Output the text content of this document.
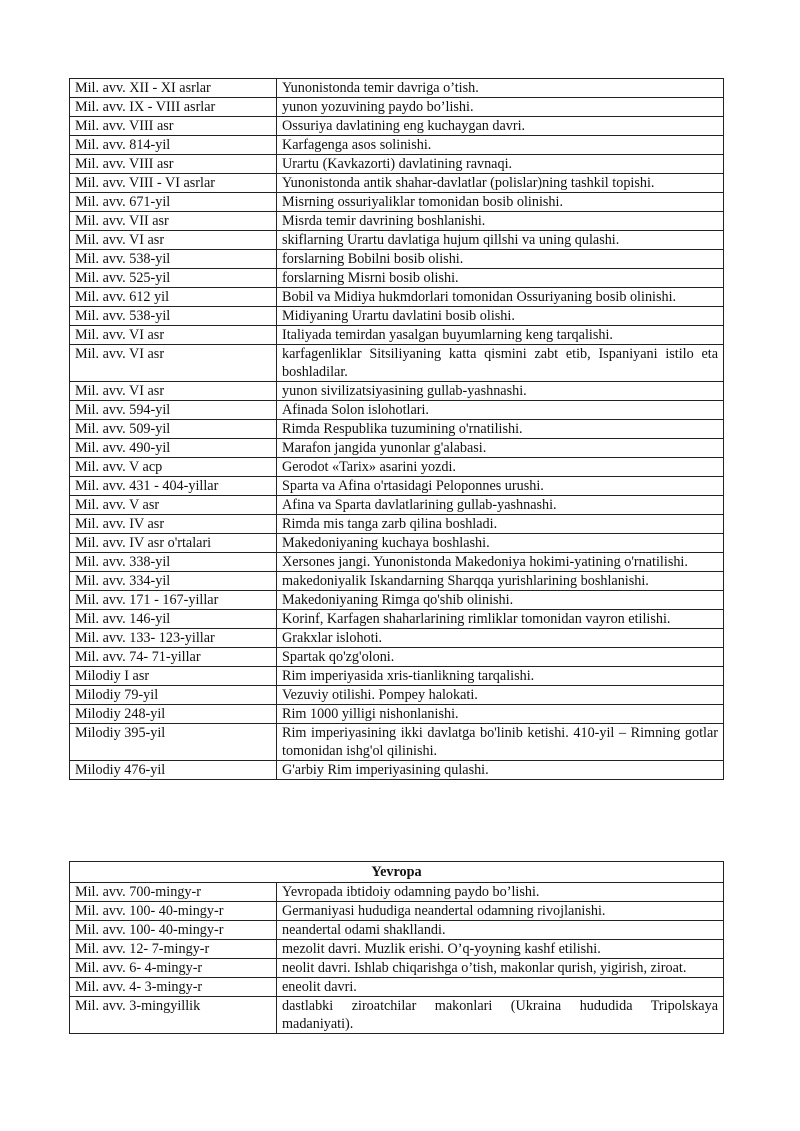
Mil. avv. XII - XI asrlar	Yunonistonda temir davriga o’tish.
Mil. avv. IX - VIII asrlar	yunon yozuvining paydo bo’lishi.
Mil. avv. VIII asr	Ossuriya davlatining eng kuchaygan davri.
Mil. avv. 814-yil	Karfagenga asos solinishi.
Mil. avv. VIII asr	Urartu (Kavkazorti) davlatining ravnaqi.
Mil. avv. VIII - VI asrlar	Yunonistonda antik shahar-davlatlar (polislar)ning tashkil topishi.
Mil. avv. 671-yil	Misrning ossuriyaliklar tomonidan bosib olinishi.
Mil. avv. VII asr	Misrda temir davrining boshlanishi.
Mil. avv. VI asr	skiflarning Urartu davlatiga hujum qillshi va uning qulashi.
Mil. avv. 538-yil	forslarning Bobilni bosib olishi.
Mil. avv. 525-yil	forslarning Misrni bosib olishi.
Mil. avv. 612 yil	Bobil va Midiya hukmdorlari tomonidan Ossuriyaning bosib olinishi.
Mil. avv. 538-yil	Midiyaning Urartu davlatini bosib olishi.
Mil. avv. VI asr	Italiyada temirdan yasalgan buyumlarning keng tarqalishi.
Mil. avv. VI asr	karfagenliklar Sitsiliyaning katta qismini zabt etib, Ispaniyani istilo eta boshladilar.
Mil. avv. VI asr	yunon sivilizatsiyasining gullab-yashnashi.
Mil. avv. 594-yil	Afinada Solon islohotlari.
Mil. avv. 509-yil	Rimda Respublika tuzumining o'rnatilishi.
Mil. avv. 490-yil	Marafon jangida yunonlar g'alabasi.
Mil. avv. V acp	Gerodot «Tarix» asarini yozdi.
Mil. avv. 431 - 404-yillar	Sparta va Afina o'rtasidagi Peloponnes urushi.
Mil. avv. V asr	Afina va Sparta davlatlarining gullab-yashnashi.
Mil. avv. IV asr	Rimda mis tanga zarb qilina boshladi.
Mil. avv. IV asr o'rtalari	Makedoniyaning kuchaya boshlashi.
Mil. avv. 338-yil	Xersones jangi. Yunonistonda Makedoniya hokimi-yatining o'rnatilishi.
Mil. avv. 334-yil	makedoniyalik Iskandarning Sharqqa yurishlarining boshlanishi.
Mil. avv. 171 - 167-yillar	Makedoniyaning Rimga qo'shib olinishi.
Mil. avv. 146-yil	Korinf, Karfagen shaharlarining rimliklar tomonidan vayron etilishi.
Mil. avv. 133- 123-yillar	Grakxlar islohoti.
Mil. avv. 74- 71-yillar	Spartak qo'zg'oloni.
Milodiy I asr	Rim imperiyasida xris-tianlikning tarqalishi.
Milodiy 79-yil	Vezuviy otilishi. Pompey halokati.
Milodiy 248-yil	Rim 1000 yilligi nishonlanishi.
Milodiy 395-yil	Rim imperiyasining ikki davlatga bo'linib ketishi. 410-yil – Rimning gotlar tomonidan ishg'ol qilinishi.
Milodiy 476-yil	G'arbiy Rim imperiyasining qulashi.
Yevropa	
Mil. avv. 700-mingy-r	Yevropada ibtidoiy odamning paydo bo’lishi.
Mil. avv. 100- 40-mingy-r	Germaniyasi hududiga neandertal odamning rivojlanishi.
Mil. avv. 100- 40-mingy-r	neandertal odami shakllandi.
Mil. avv. 12- 7-mingy-r	mezolit davri. Muzlik erishi. O’q-yoyning kashf etilishi.
Mil. avv. 6- 4-mingy-r	neolit davri. Ishlab chiqarishga o’tish, makonlar qurish, yigirish, ziroat.
Mil. avv. 4- 3-mingy-r	eneolit davri.
Mil. avv. 3-mingyillik	dastlabki ziroatchilar makonlari (Ukraina hududida Tripolskaya madaniyati).
